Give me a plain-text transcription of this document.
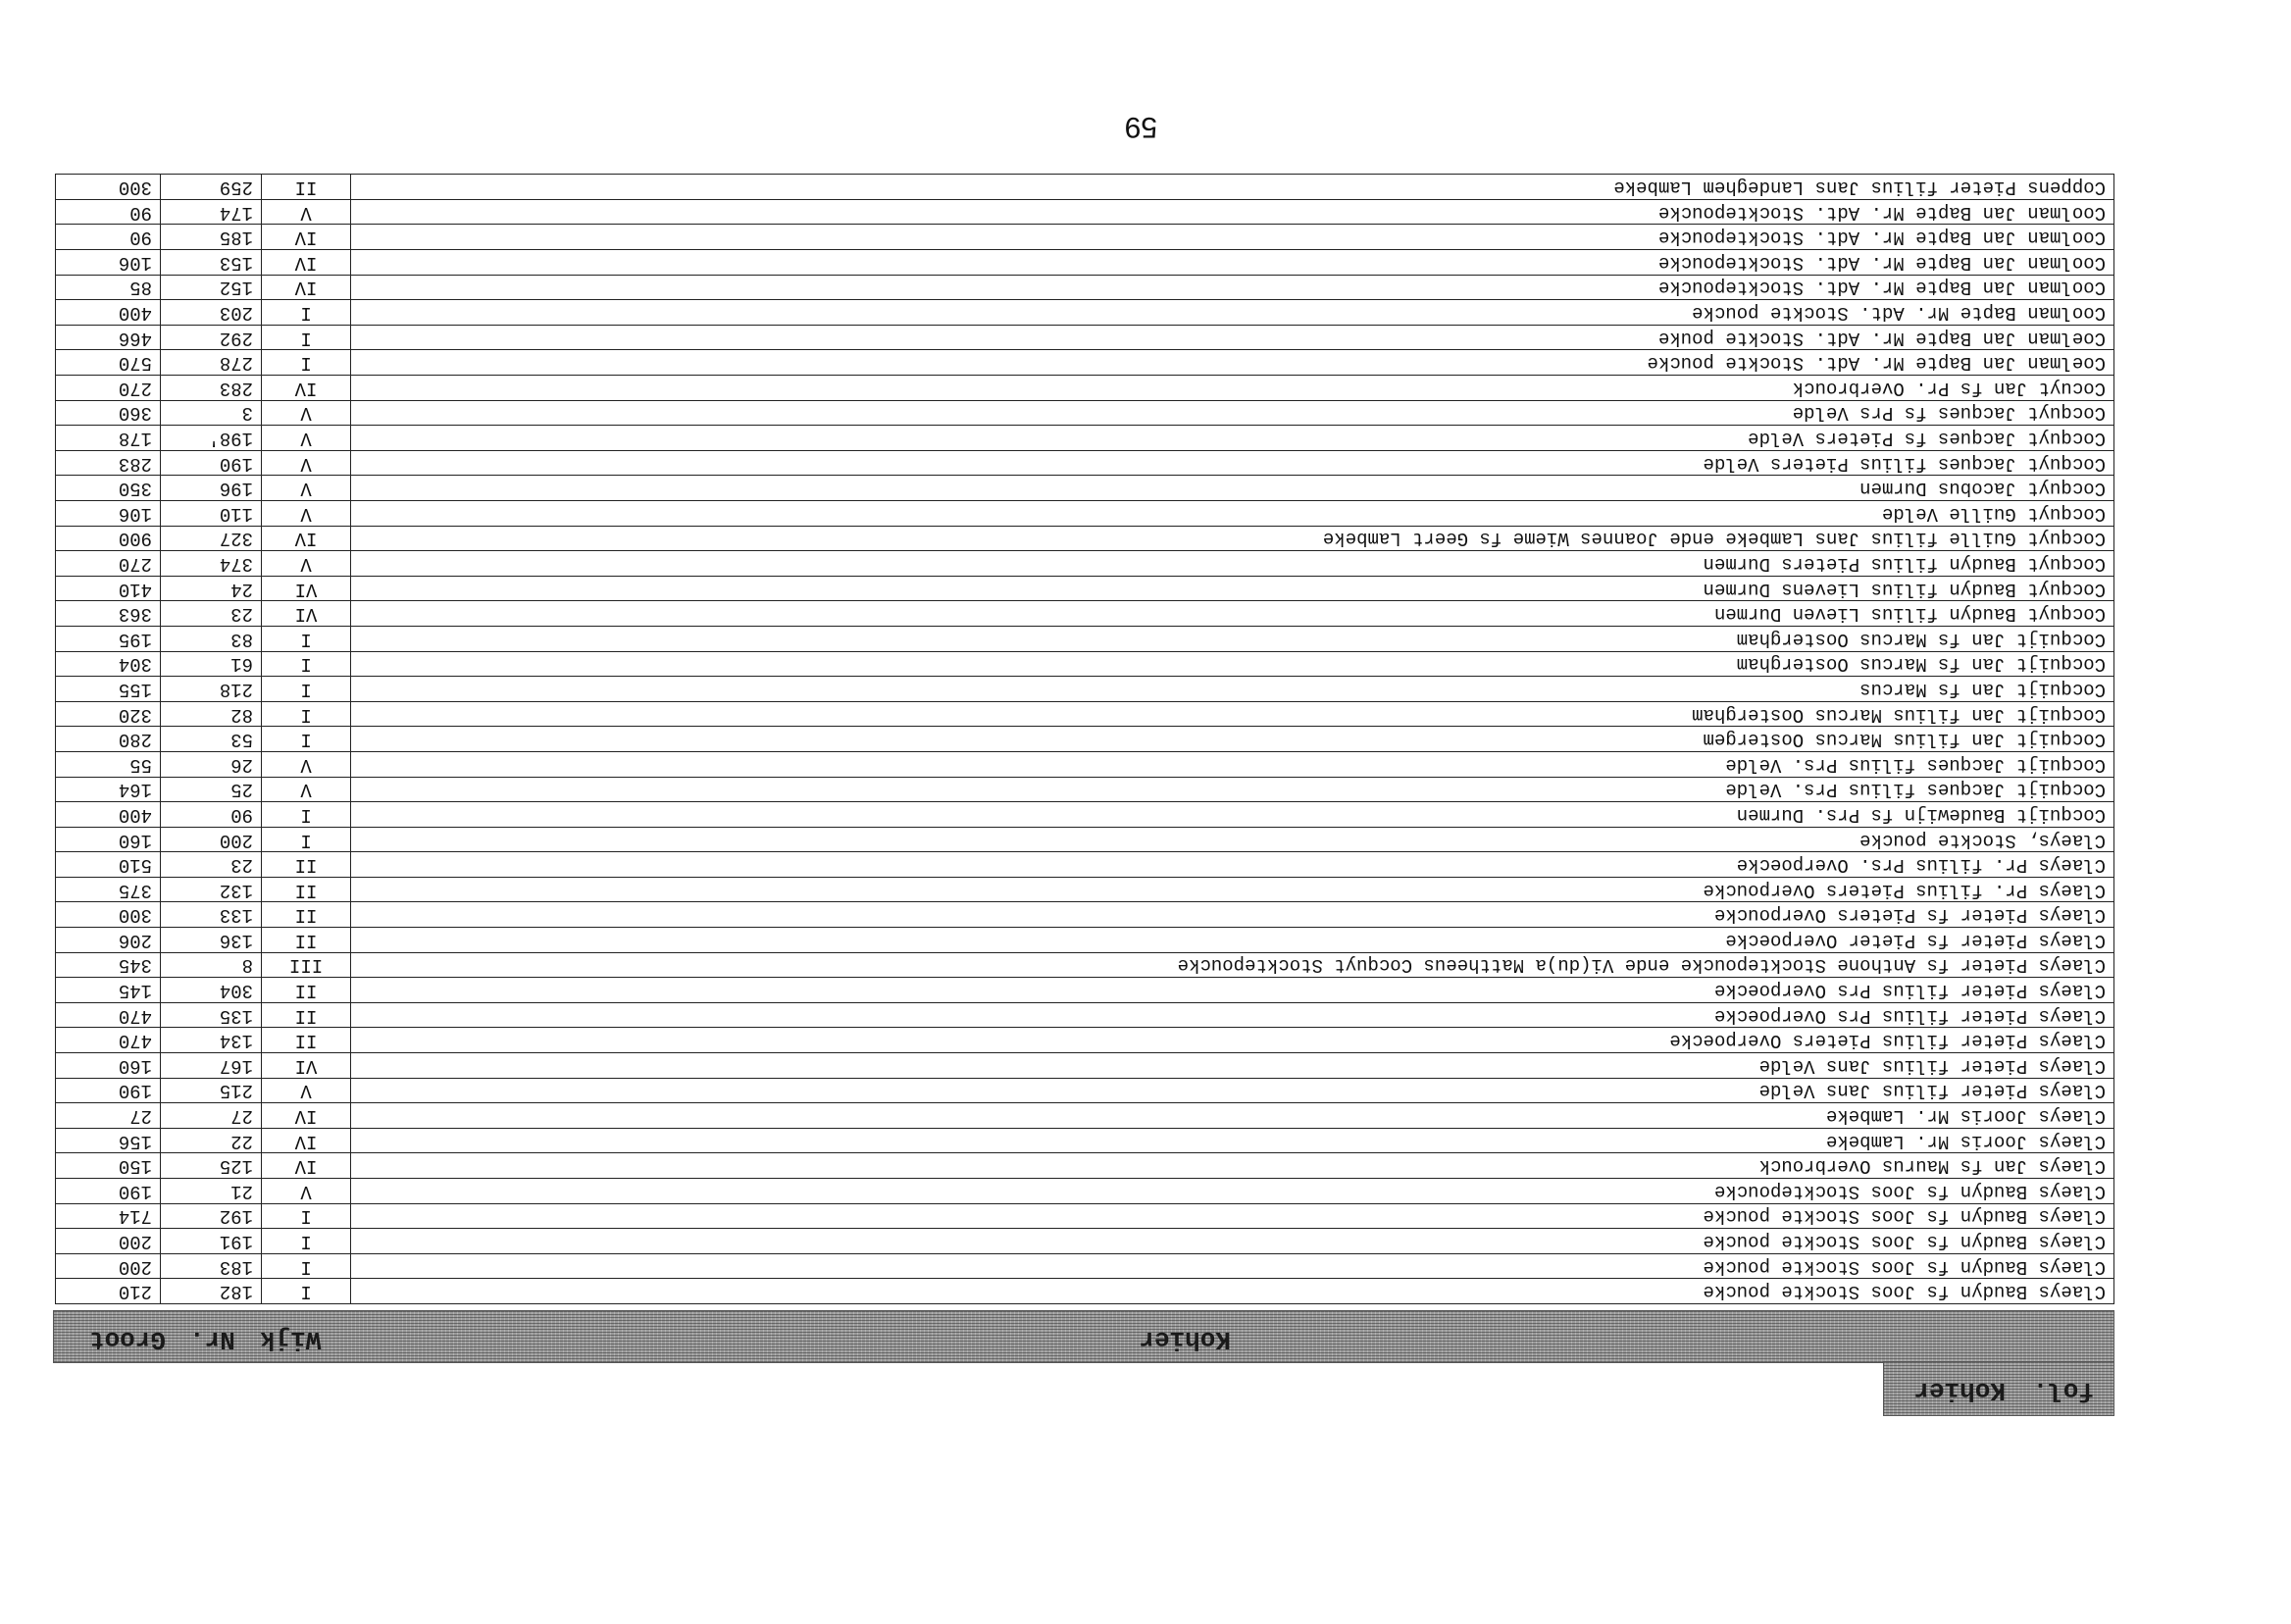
Groot Nr. Wijk	Kohier
fol.
Kohier
Claeys Baudyn fs Joos Stockte poucke	I	182	210
Claeys Baudyn fs Joos Stockte poucke	I	183	200
Claeys Baudyn fs Joos Stockte poucke	I	191	200
Claeys Baudyn fs Joos Stockte poucke	I	192	714
Claeys Baudyn fs Joos Stocktepoucke	V	21	190
Claeys Jan fs Maurus Overbrouck	IV	125	150
Claeys Jooris Mr. Lambeke	IV	22	156
Claeys Jooris Mr. Lambeke	IV	27	27
Claeys Pieter filius Jans Velde	V	215	190
Claeys Pieter filius Jans Velde	VI	167	160
Claeys Pieter filius Pieters Overpoecke	II	134	470
Claeys Pieter filius Prs Overpoecke	II	135	470
Claeys Pieter filius Prs Overpoecke	II	304	145
Claeys Pieter fs Anthone Stocktepoucke ende Vi(du)a Mattheeus Cocquyt Stocktepoucke	III	8	345
Claeys Pieter fs Pieter Overpoecke	II	136	206
Claeys Pieter fs Pieters Overpoucke	II	133	300
Claeys Pr. filius Pieters Overpoucke	II	132	375
Claeys Pr. filius Prs. Overpoecke	II	23	510
Claeys, Stockte poucke	I	200	160
Cocquijt Baudewijn fs Prs. Durmen	I	90	400
Cocquijt Jacques filius Prs. Velde	V	25	164
Cocquijt Jacques filius Prs. Velde	V	26	55
Cocquijt Jan filius Marcus Oostergem	I	53	280
Cocquijt Jan filius Marcus Oostergham	I	82	320
Cocquijt Jan fs Marcus	I	218	155
Cocquijt Jan fs Marcus Oostergham	I	61	304
Cocquijt Jan fs Marcus Oostergham	I	83	195
Cocquyt Baudyn filius Lieven Durmen	VI	23	363
Cocquyt Baudyn filius Lievens Durmen	VI	24	410
Cocquyt Baudyn filius Pieters Durmen	V	374	270
Cocquyt Guille filius Jans Lambeke ende Joannes Wieme fs Geert Lambeke	IV	327	900
Cocquyt Guille Velde	V	110	106
Cocquyt Jacobus Durmen	V	196	350
Cocquyt Jacques filius Pieters Velde	V	190	283
Cocquyt Jacques fs Pieters Velde	V	198'	178
Cocquyt Jacques fs Prs Velde	V	3	360
Cocuyt Jan fs Pr. Overbrouck	IV	283	270
Coelman Jan Bapte Mr. Adt. Stockte poucke	I	278	570
Coelman Jan Bapte Mr. Adt. Stockte pouke	I	292	466
Coolman Bapte Mr. Adt. Stockte poucke	I	203	400
Coolman Jan Bapte Mr. Adt. Stocktepoucke	IV	152	85
Coolman Jan Bapte Mr. Adt. Stocktepoucke	IV	153	106
Coolman Jan Bapte Mr. Adt. Stocktepoucke	IV	185	90
Coolman Jan Bapte Mr. Adt. Stocktepoucke	V	174	90
Coppens Pieter filius Jans Landeghem Lambeke	II	259	300
59
